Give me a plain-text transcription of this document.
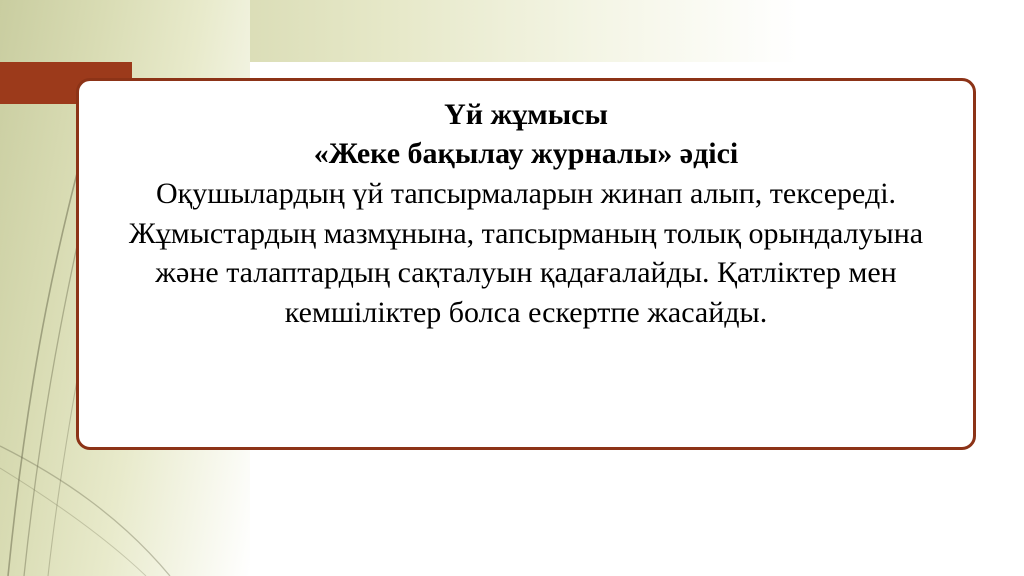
Үй жұмысы
«Жеке бақылау журналы» әдісі
Оқушылардың үй тапсырмаларын жинап алып, тексереді. Жұмыстардың мазмұнына, тапсырманың толық орындалуына және талаптардың сақталуын қадағалайды. Қатліктер мен кемшіліктер болса ескертпе жасайды.
